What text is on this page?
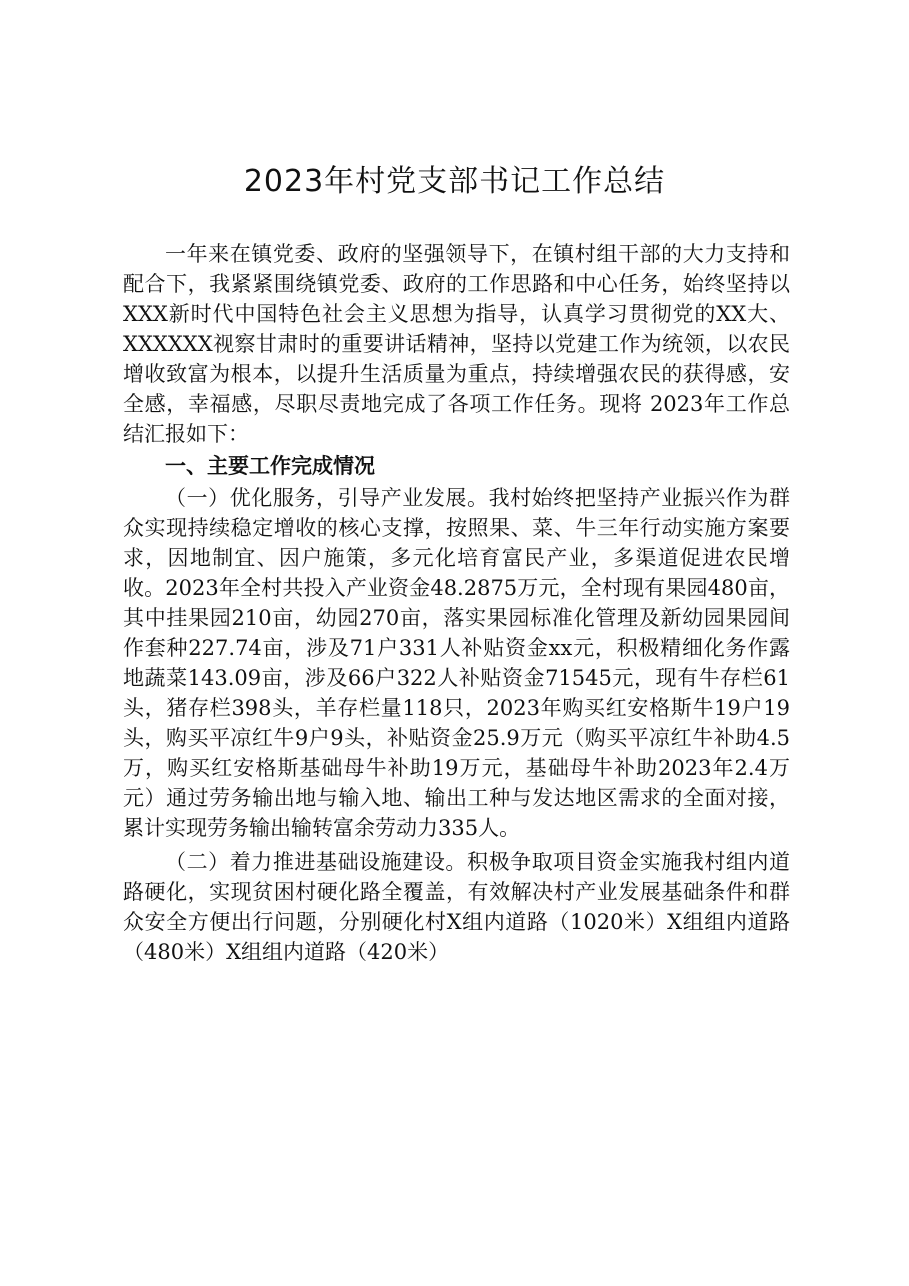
2023年村党支部书记工作总结

一年来在镇党委、政府的坚强领导下，在镇村组干部的大力支持和配合下，我紧紧围绕镇党委、政府的工作思路和中心任务，始终坚持以XXX新时代中国特色社会主义思想为指导，认真学习贯彻党的XX大、XXXXXX视察甘肃时的重要讲话精神，坚持以党建工作为统领，以农民增收致富为根本，以提升生活质量为重点，持续增强农民的获得感，安全感，幸福感，尽职尽责地完成了各项工作任务。现将 2023年工作总结汇报如下：

一、主要工作完成情况

（一）优化服务，引导产业发展。我村始终把坚持产业振兴作为群众实现持续稳定增收的核心支撑，按照果、菜、牛三年行动实施方案要求，因地制宜、因户施策，多元化培育富民产业，多渠道促进农民增收。2023年全村共投入产业资金48.2875万元，全村现有果园480亩，其中挂果园210亩，幼园270亩，落实果园标准化管理及新幼园果园间作套种227.74亩，涉及71户331人补贴资金xx元，积极精细化务作露地蔬菜143.09亩，涉及66户322人补贴资金71545元，现有牛存栏61头，猪存栏398头，羊存栏量118只，2023年购买红安格斯牛19户19头，购买平凉红牛9户9头，补贴资金25.9万元（购买平凉红牛补助4.5万，购买红安格斯基础母牛补助19万元，基础母牛补助2023年2.4万元）通过劳务输出地与输入地、输出工种与发达地区需求的全面对接，累计实现劳务输出输转富余劳动力335人。

（二）着力推进基础设施建设。积极争取项目资金实施我村组内道路硬化，实现贫困村硬化路全覆盖，有效解决村产业发展基础条件和群众安全方便出行问题，分别硬化村X组内道路（1020米）X组组内道路（480米）X组组内道路（420米）
